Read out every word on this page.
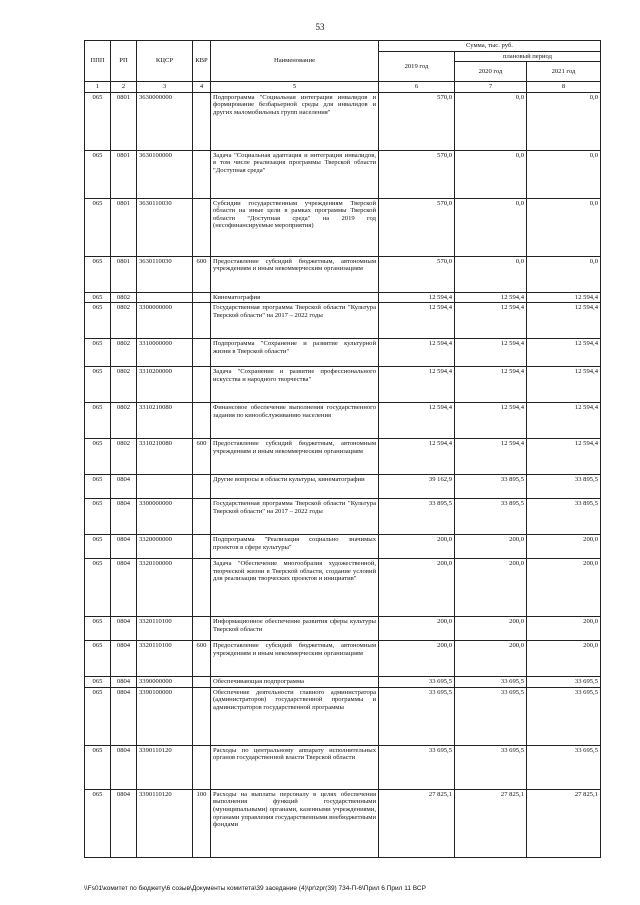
53
ППП	РП	КЦСР	КВР	Наименование	Сумма, тыс. руб.		
					2019 год	плановый период	
						2020 год	2021 год
1	2	3	4	5	6	7	8
065	0801	3630000000		Подпрограмма "Социальная интеграция инвалидов и формирование безбарьерной среды для инвалидов и других маломобильных групп населения"	570,0	0,0	0,0
065	0801	3630100000		Задача "Социальная адаптация и интеграция инвалидов, в том числе реализация программы Тверской области "Доступная среда"	570,0	0,0	0,0
065	0801	3630110030		Субсидии государственным учреждениям Тверской области на иные цели в рамках программы Тверской области "Доступная среда" на 2019 год (несофинансируемые мероприятия)	570,0	0,0	0,0
065	0801	3630110030	600	Предоставление субсидий бюджетным, автономным учреждениям и иным некоммерческим организациям	570,0	0,0	0,0
065	0802			Кинематография	12 594,4	12 594,4	12 594,4
065	0802	3300000000		Государственная программа Тверской области "Культура Тверской области" на 2017 – 2022 годы	12 594,4	12 594,4	12 594,4
065	0802	3310000000		Подпрограмма "Сохранение и развитие культурной жизни в Тверской области"	12 594,4	12 594,4	12 594,4
065	0802	3310200000		Задача "Сохранение и развитие профессионального искусства и народного творчества"	12 594,4	12 594,4	12 594,4
065	0802	3310210080		Финансовое обеспечение выполнения государственного задания по кинообслуживанию населения	12 594,4	12 594,4	12 594,4
065	0802	3310210080	600	Предоставление субсидий бюджетным, автономным учреждениям и иным некоммерческим организациям	12 594,4	12 594,4	12 594,4
065	0804			Другие вопросы в области культуры, кинематографии	39 162,9	33 895,5	33 895,5
065	0804	3300000000		Государственная программа Тверской области "Культура Тверской области" на 2017 – 2022 годы	33 895,5	33 895,5	33 895,5
065	0804	3320000000		Подпрограмма "Реализация социально значимых проектов в сфере культуры"	200,0	200,0	200,0
065	0804	3320100000		Задача "Обеспечение многообразия художественной, творческой жизни в Тверской области, создание условий для реализации творческих проектов и инициатив"	200,0	200,0	200,0
065	0804	3320110100		Информационное обеспечение развития сферы культуры Тверской области	200,0	200,0	200,0
065	0804	3320110100	600	Предоставление субсидий бюджетным, автономным учреждениям и иным некоммерческим организациям	200,0	200,0	200,0
065	0804	3390000000		Обеспечивающая подпрограмма	33 695,5	33 695,5	33 695,5
065	0804	3390100000		Обеспечение деятельности главного администратора (администраторов) государственной программы и администраторов государственной программы	33 695,5	33 695,5	33 695,5
065	0804	3390110120		Расходы по центральному аппарату исполнительных органов государственной власти Тверской области	33 695,5	33 695,5	33 695,5
065	0804	3390110120	100	Расходы на выплаты персоналу в целях обеспечения выполнения функций государственными (муниципальными) органами, казенными учреждениями, органами управления государственными внебюджетными фондами	27 825,1	27 825,1	27 825,1
\\Fs01\комитет по бюджету\6 созыв\Документы комитета\39 заседание (4)\pr\zpr(39) 734-П-6\Прил 6 Прил 11 ВСР
